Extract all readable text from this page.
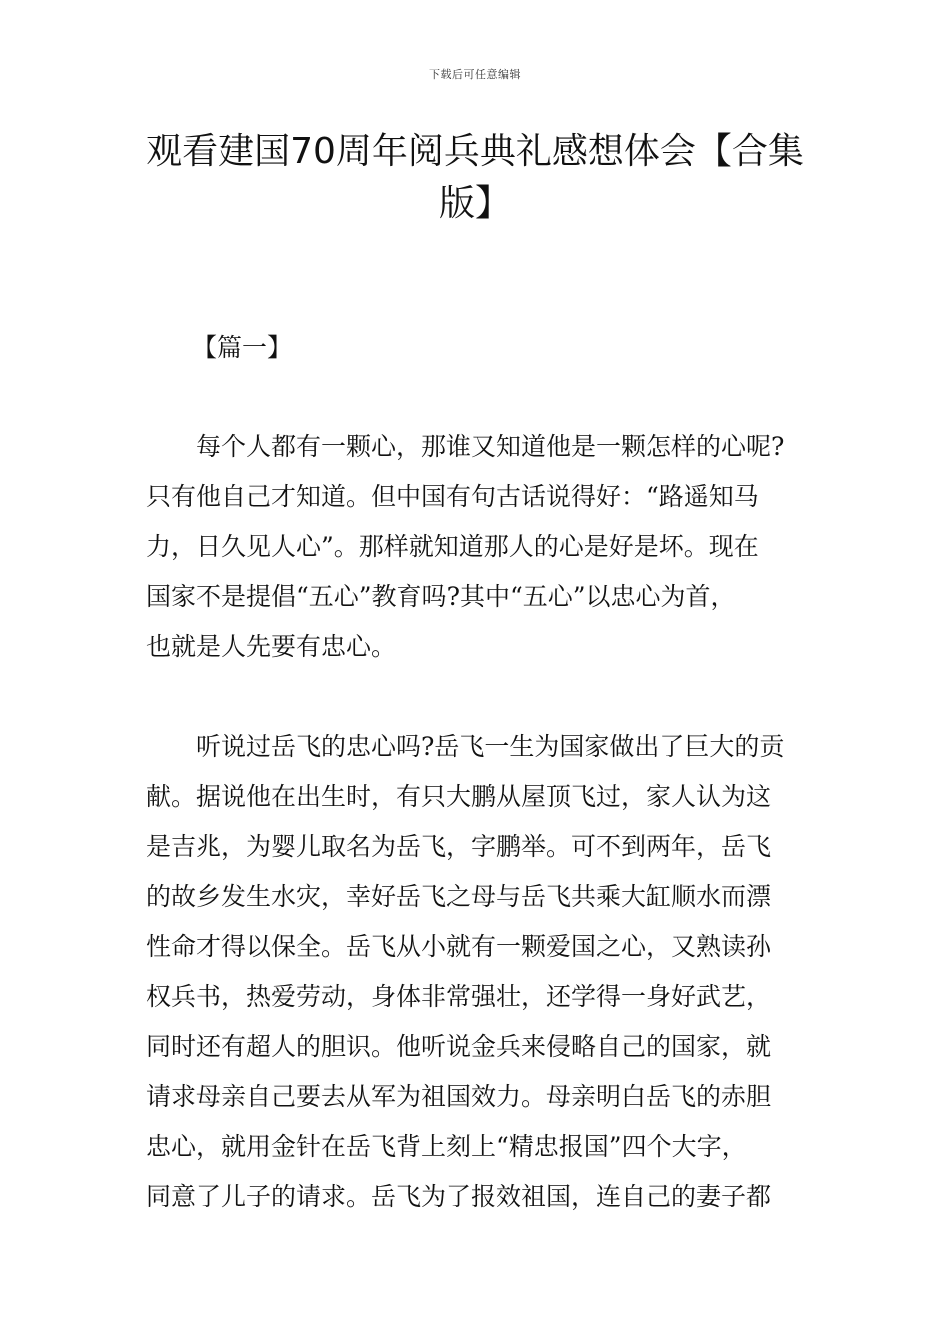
下载后可任意编辑
观看建国70周年阅兵典礼感想体会【合集
版】
【篇一】

每个人都有一颗心，那谁又知道他是一颗怎样的心呢?
只有他自己才知道。但中国有句古话说得好：“路遥知马
力，日久见人心”。那样就知道那人的心是好是坏。现在
国家不是提倡“五心”教育吗?其中“五心”以忠心为首，
也就是人先要有忠心。

听说过岳飞的忠心吗?岳飞一生为国家做出了巨大的贡
献。据说他在出生时，有只大鹏从屋顶飞过，家人认为这
是吉兆，为婴儿取名为岳飞，字鹏举。可不到两年，岳飞
的故乡发生水灾，幸好岳飞之母与岳飞共乘大缸顺水而漂
性命才得以保全。岳飞从小就有一颗爱国之心，又熟读孙
权兵书，热爱劳动，身体非常强壮，还学得一身好武艺，
同时还有超人的胆识。他听说金兵来侵略自己的国家，就
请求母亲自己要去从军为祖国效力。母亲明白岳飞的赤胆
忠心，就用金针在岳飞背上刻上“精忠报国”四个大字，
同意了儿子的请求。岳飞为了报效祖国，连自己的妻子都
